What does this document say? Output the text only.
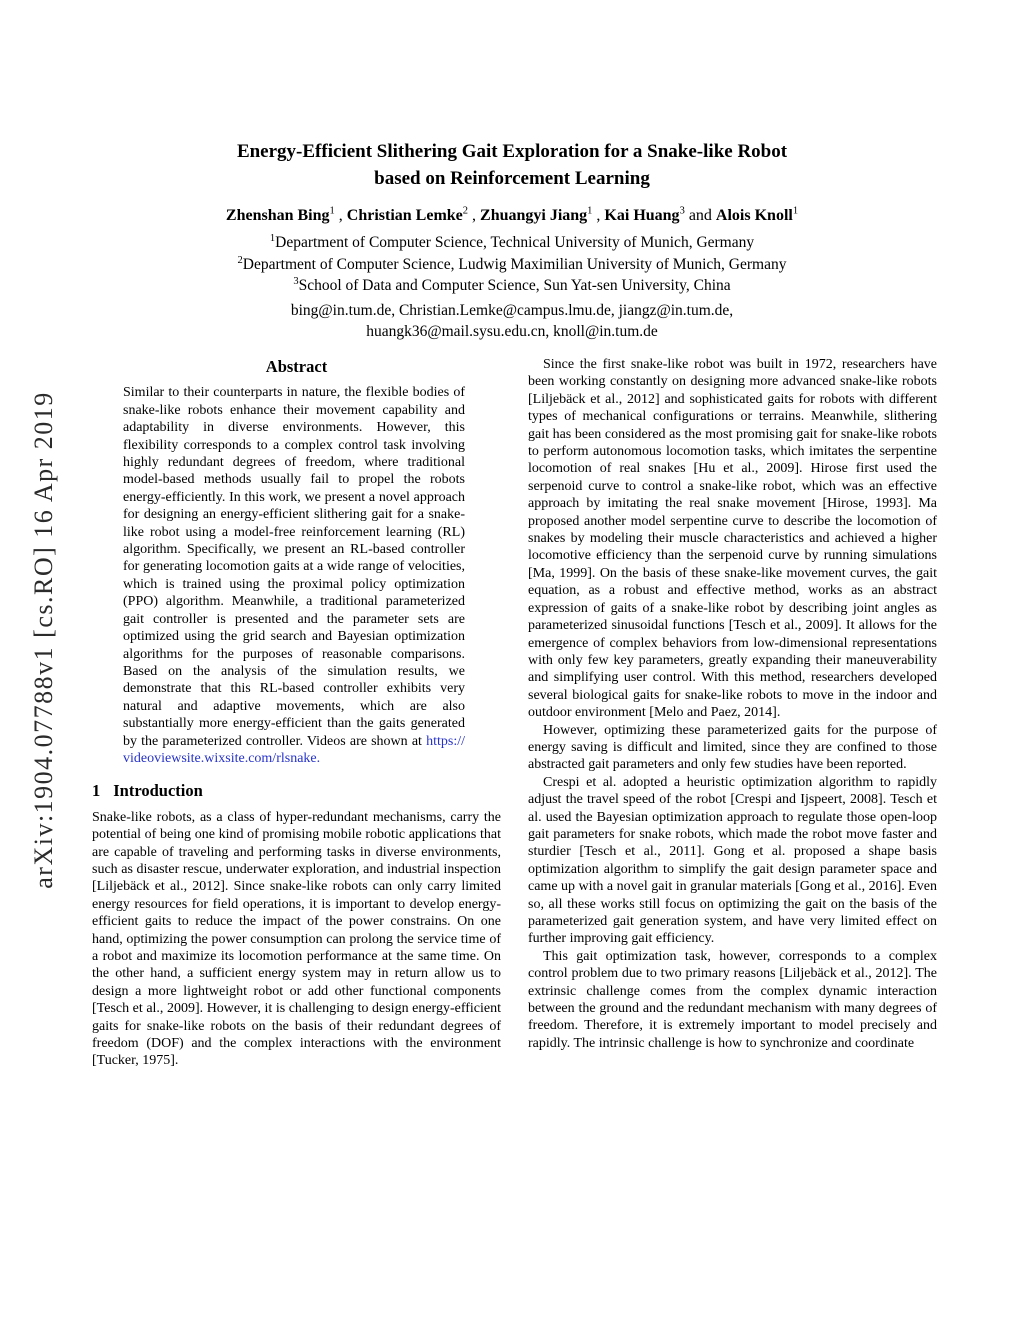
arXiv:1904.07788v1 [cs.RO] 16 Apr 2019
Energy-Efficient Slithering Gait Exploration for a Snake-like Robot
based on Reinforcement Learning
Zhenshan Bing$^1$ , Christian Lemke$^2$ , Zhuangyi Jiang$^1$ , Kai Huang$^3$ and Alois Knoll$^1$
$^1$Department of Computer Science, Technical University of Munich, Germany
$^2$Department of Computer Science, Ludwig Maximilian University of Munich, Germany
$^3$School of Data and Computer Science, Sun Yat-sen University, China
bing@in.tum.de, Christian.Lemke@campus.lmu.de, jiangz@in.tum.de,
huangk36@mail.sysu.edu.cn, knoll@in.tum.de
Abstract

Similar to their counterparts in nature, the flexible bodies of snake-like robots enhance their movement capability and adaptability in diverse environments. However, this flexibility corresponds to a complex control task involving highly redundant degrees of freedom, where traditional model-based methods usually fail to propel the robots energy-efficiently. In this work, we present a novel approach for designing an energy-efficient slithering gait for a snake-like robot using a model-free reinforcement learning (RL) algorithm. Specifically, we present an RL-based controller for generating locomotion gaits at a wide range of velocities, which is trained using the proximal policy optimization (PPO) algorithm. Meanwhile, a traditional parameterized gait controller is presented and the parameter sets are optimized using the grid search and Bayesian optimization algorithms for the purposes of reasonable comparisons. Based on the analysis of the simulation results, we demonstrate that this RL-based controller exhibits very natural and adaptive movements, which are also substantially more energy-efficient than the gaits generated by the parameterized controller. Videos are shown at https://videoviewsite.wixsite.com/rlsnake.

1 Introduction

Snake-like robots, as a class of hyper-redundant mechanisms, carry the potential of being one kind of promising mobile robotic applications that are capable of traveling and performing tasks in diverse environments, such as disaster rescue, underwater exploration, and industrial inspection [Liljebäck et al., 2012]. Since snake-like robots can only carry limited energy resources for field operations, it is important to develop energy-efficient gaits to reduce the impact of the power constrains. On one hand, optimizing the power consumption can prolong the service time of a robot and maximize its locomotion performance at the same time. On the other hand, a sufficient energy system may in return allow us to design a more lightweight robot or add other functional components [Tesch et al., 2009]. However, it is challenging to design energy-efficient gaits for snake-like robots on the basis of their redundant degrees of freedom (DOF) and the complex interactions with the environment [Tucker, 1975].

Since the first snake-like robot was built in 1972, researchers have been working constantly on designing more advanced snake-like robots [Liljebäck et al., 2012] and sophisticated gaits for robots with different types of mechanical configurations or terrains. Meanwhile, slithering gait has been considered as the most promising gait for snake-like robots to perform autonomous locomotion tasks, which imitates the serpentine locomotion of real snakes [Hu et al., 2009]. Hirose first used the serpenoid curve to control a snake-like robot, which was an effective approach by imitating the real snake movement [Hirose, 1993]. Ma proposed another model serpentine curve to describe the locomotion of snakes by modeling their muscle characteristics and achieved a higher locomotive efficiency than the serpenoid curve by running simulations [Ma, 1999]. On the basis of these snake-like movement curves, the gait equation, as a robust and effective method, works as an abstract expression of gaits of a snake-like robot by describing joint angles as parameterized sinusoidal functions [Tesch et al., 2009]. It allows for the emergence of complex behaviors from low-dimensional representations with only few key parameters, greatly expanding their maneuverability and simplifying user control. With this method, researchers developed several biological gaits for snake-like robots to move in the indoor and outdoor environment [Melo and Paez, 2014].

However, optimizing these parameterized gaits for the purpose of energy saving is difficult and limited, since they are confined to those abstracted gait parameters and only few studies have been reported.

Crespi et al. adopted a heuristic optimization algorithm to rapidly adjust the travel speed of the robot [Crespi and Ijspeert, 2008]. Tesch et al. used the Bayesian optimization approach to regulate those open-loop gait parameters for snake robots, which made the robot move faster and sturdier [Tesch et al., 2011]. Gong et al. proposed a shape basis optimization algorithm to simplify the gait design parameter space and came up with a novel gait in granular materials [Gong et al., 2016]. Even so, all these works still focus on optimizing the gait on the basis of the parameterized gait generation system, and have very limited effect on further improving gait efficiency.

This gait optimization task, however, corresponds to a complex control problem due to two primary reasons [Liljebäck et al., 2012]. The extrinsic challenge comes from the complex dynamic interaction between the ground and the redundant mechanism with many degrees of freedom. Therefore, it is extremely important to model precisely and rapidly. The intrinsic challenge is how to synchronize and coordinate
